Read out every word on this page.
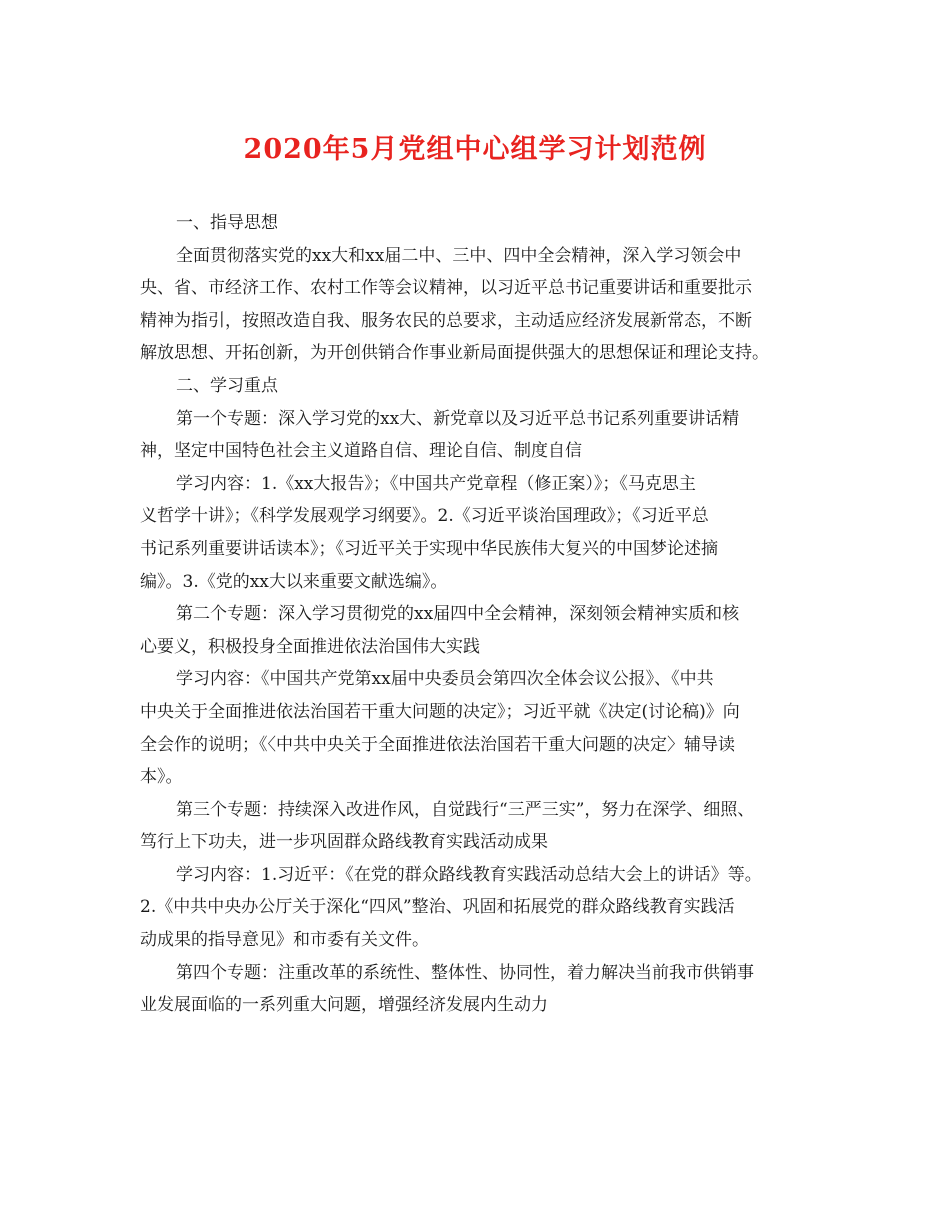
2020年5月党组中心组学习计划范例
一、指导思想
全面贯彻落实党的xx大和xx届二中、三中、四中全会精神，深入学习领会中
央、省、市经济工作、农村工作等会议精神，以习近平总书记重要讲话和重要批示
精神为指引，按照改造自我、服务农民的总要求，主动适应经济发展新常态，不断
解放思想、开拓创新，为开创供销合作事业新局面提供强大的思想保证和理论支持。
二、学习重点
第一个专题：深入学习党的xx大、新党章以及习近平总书记系列重要讲话精
神，坚定中国特色社会主义道路自信、理论自信、制度自信
学习内容：1.《xx大报告》；《中国共产党章程（修正案）》；《马克思主
义哲学十讲》；《科学发展观学习纲要》。2.《习近平谈治国理政》；《习近平总
书记系列重要讲话读本》；《习近平关于实现中华民族伟大复兴的中国梦论述摘
编》。3.《党的xx大以来重要文献选编》。
第二个专题：深入学习贯彻党的xx届四中全会精神，深刻领会精神实质和核
心要义，积极投身全面推进依法治国伟大实践
学习内容：《中国共产党第xx届中央委员会第四次全体会议公报》、《中共
中央关于全面推进依法治国若干重大问题的决定》；习近平就《决定(讨论稿)》向
全会作的说明；《〈中共中央关于全面推进依法治国若干重大问题的决定〉辅导读
本》。
第三个专题：持续深入改进作风，自觉践行“三严三实”，努力在深学、细照、
笃行上下功夫，进一步巩固群众路线教育实践活动成果
学习内容：1.习近平：《在党的群众路线教育实践活动总结大会上的讲话》等。
2.《中共中央办公厅关于深化“四风”整治、巩固和拓展党的群众路线教育实践活
动成果的指导意见》和市委有关文件。
第四个专题：注重改革的系统性、整体性、协同性，着力解决当前我市供销事
业发展面临的一系列重大问题，增强经济发展内生动力
